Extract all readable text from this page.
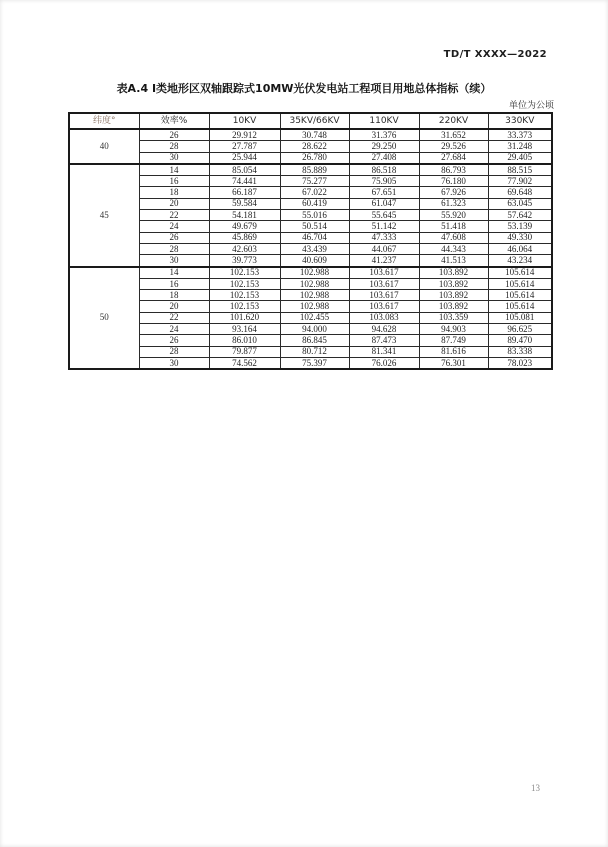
TD/T XXXX—2022
表A.4 Ⅰ类地形区双轴跟踪式10MW光伏发电站工程项目用地总体指标（续）
单位为公顷
纬度°	效率%	10KV	35KV/66KV	110KV	220KV	330KV
40	26	29.912	30.748	31.376	31.652	33.373
	28	27.787	28.622	29.250	29.526	31.248
	30	25.944	26.780	27.408	27.684	29.405
45	14	85.054	85.889	86.518	86.793	88.515
	16	74.441	75.277	75.905	76.180	77.902
	18	66.187	67.022	67.651	67.926	69.648
	20	59.584	60.419	61.047	61.323	63.045
	22	54.181	55.016	55.645	55.920	57.642
	24	49.679	50.514	51.142	51.418	53.139
	26	45.869	46.704	47.333	47.608	49.330
	28	42.603	43.439	44.067	44.343	46.064
	30	39.773	40.609	41.237	41.513	43.234
50	14	102.153	102.988	103.617	103.892	105.614
	16	102.153	102.988	103.617	103.892	105.614
	18	102.153	102.988	103.617	103.892	105.614
	20	102.153	102.988	103.617	103.892	105.614
	22	101.620	102.455	103.083	103.359	105.081
	24	93.164	94.000	94.628	94.903	96.625
	26	86.010	86.845	87.473	87.749	89.470
	28	79.877	80.712	81.341	81.616	83.338
	30	74.562	75.397	76.026	76.301	78.023
13
